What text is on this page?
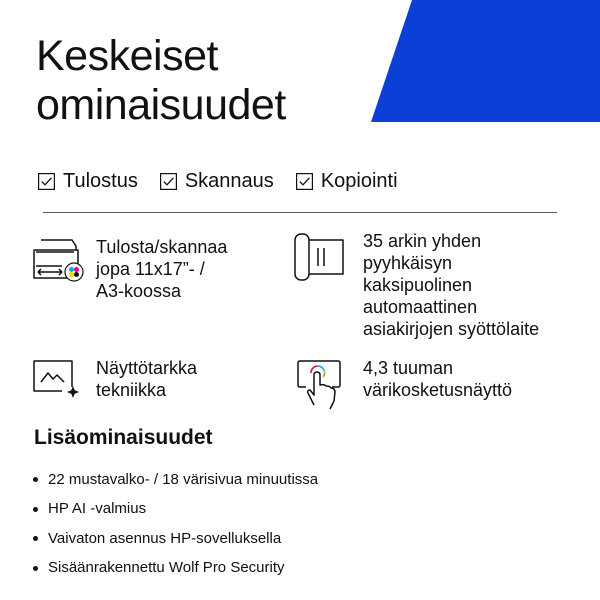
Keskeiset
ominaisuudet
Tulostus Skannaus Kopiointi
Tulosta/skannaa
jopa 11x17”- /
A3-koossa
35 arkin yhden
pyyhkäisyn
kaksipuolinen
automaattinen
asiakirjojen syöttölaite
Näyttötarkka
tekniikka
4,3 tuuman
värikosketusnäyttö
Lisäominaisuudet
22 mustavalko- / 18 värisivua minuutissa
HP AI -valmius
Vaivaton asennus HP-sovelluksella
Sisäänrakennettu Wolf Pro Security
